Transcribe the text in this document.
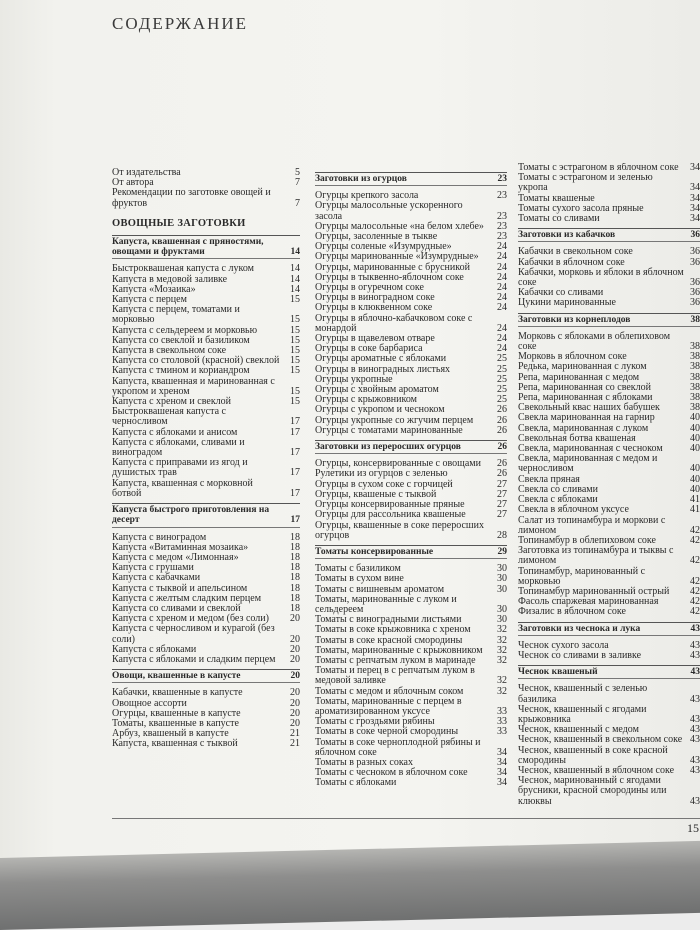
СОДЕРЖАНИЕ
От издательства	5
От автора	7
Рекомендации по заготовке овощей и фруктов	7
ОВОЩНЫЕ ЗАГОТОВКИ
Капуста, квашенная с пряностями, овощами и фруктами	14
Быстроквашеная капуста с луком	14
Капуста в медовой заливке	14
Капуста «Мозаика»	14
Капуста с перцем	15
Капуста с перцем, томатами и морковью	15
Капуста с сельдереем и морковью	15
Капуста со свеклой и базиликом	15
Капуста в свекольном соке	15
Капуста со столовой (красной) свеклой	15
Капуста с тмином и кориандром	15
Капуста, квашенная и маринованная с укропом и хреном	15
Капуста с хреном и свеклой	15
Быстроквашеная капуста с черносливом	17
Капуста с яблоками и анисом	17
Капуста с яблоками, сливами и виноградом	17
Капуста с приправами из ягод и душистых трав	17
Капуста, квашенная с морковной ботвой	17
Капуста быстрого приготовления на десерт	17
Капуста с виноградом	18
Капуста «Витаминная мозаика»	18
Капуста с медом «Лимонная»	18
Капуста с грушами	18
Капуста с кабачками	18
Капуста с тыквой и апельсином	18
Капуста с желтым сладким перцем	18
Капуста со сливами и свеклой	18
Капуста с хреном и медом (без соли)	20
Капуста с черносливом и курагой (без соли)	20
Капуста с яблоками	20
Капуста с яблоками и сладким перцем	20
Овощи, квашенные в капусте	20
Кабачки, квашенные в капусте	20
Овощное ассорти	20
Огурцы, квашенные в капусте	20
Томаты, квашенные в капусте	20
Арбуз, квашеный в капусте	21
Капуста, квашенная с тыквой	21
Заготовки из огурцов	23
Огурцы крепкого засола	23
Огурцы малосольные ускоренного засола	23
Огурцы малосольные «на белом хлебе»	23
Огурцы, засоленные в тыкве	23
Огурцы соленые «Изумрудные»	24
Огурцы маринованные «Изумрудные»	24
Огурцы, маринованные с брусникой	24
Огурцы в тыквенно-яблочном соке	24
Огурцы в огуречном соке	24
Огурцы в виноградном соке	24
Огурцы в клюквенном соке	24
Огурцы в яблочно-кабачковом соке с монардой	24
Огурцы в щавелевом отваре	24
Огурцы в соке барбариса	24
Огурцы ароматные с яблоками	25
Огурцы в виноградных листьях	25
Огурцы укропные	25
Огурцы с хвойным ароматом	25
Огурцы с крыжовником	25
Огурцы с укропом и чесноком	26
Огурцы укропные со жгучим перцем	26
Огурцы с томатами маринованные	26
Заготовки из переросших огурцов	26
Огурцы, консервированные с овощами	26
Рулетики из огурцов с зеленью	26
Огурцы в сухом соке с горчицей	27
Огурцы, квашеные с тыквой	27
Огурцы консервированные пряные	27
Огурцы для рассольника квашеные	27
Огурцы, квашенные в соке переросших огурцов	28
Томаты консервированные	29
Томаты с базиликом	30
Томаты в сухом вине	30
Томаты с вишневым ароматом	30
Томаты, маринованные с луком и сельдереем	30
Томаты с виноградными листьями	30
Томаты в соке крыжовника с хреном	32
Томаты в соке красной смородины	32
Томаты, маринованные с крыжовником	32
Томаты с репчатым луком в маринаде	32
Томаты и перец в с репчатым луком в медовой заливке	32
Томаты с медом и яблочным соком	32
Томаты, маринованные с перцем в ароматизированном уксусе	33
Томаты с гроздьями рябины	33
Томаты в соке черной смородины	33
Томаты в соке черноплодной рябины и яблочном соке	34
Томаты в разных соках	34
Томаты с чесноком в яблочном соке	34
Томаты с яблоками	34
Томаты с эстрагоном в яблочном соке	34
Томаты с эстрагоном и зеленью укропа	34
Томаты квашеные	34
Томаты сухого засола пряные	34
Томаты со сливами	34
Заготовки из кабачков	36
Кабачки в свекольном соке	36
Кабачки в яблочном соке	36
Кабачки, морковь и яблоки в яблочном соке	36
Кабачки со сливами	36
Цукини маринованные	36
Заготовки из корнеплодов	38
Морковь с яблоками в облепиховом соке	38
Морковь в яблочном соке	38
Редька, маринованная с луком	38
Репа, маринованная с медом	38
Репа, маринованная со свеклой	38
Репа, маринованная с яблоками	38
Свекольный квас наших бабушек	38
Свекла маринованная на гарнир	40
Свекла, маринованная с луком	40
Свекольная ботва квашеная	40
Свекла, маринованная с чесноком	40
Свекла, маринованная с медом и черносливом	40
Свекла пряная	40
Свекла со сливами	40
Свекла с яблоками	41
Свекла в яблочном уксусе	41
Салат из топинамбура и моркови с лимоном	42
Топинамбур в облепиховом соке	42
Заготовка из топинамбура и тыквы с лимоном	42
Топинамбур, маринованный с морковью	42
Топинамбур маринованный острый	42
Фасоль спаржевая маринованная	42
Физалис в яблочном соке	42
Заготовки из чеснока и лука	43
Чеснок сухого засола	43
Чеснок со сливами в заливке	43
Чеснок квашеный	43
Чеснок, квашенный с зеленью базилика	43
Чеснок, квашенный с ягодами крыжовника	43
Чеснок, квашенный с медом	43
Чеснок, квашенный в свекольном соке 43
Чеснок, квашенный в соке красной смородины	43
Чеснок, квашенный в яблочном соке	43
Чеснок, маринованный с ягодами брусники, красной смородины или клюквы	43
15
